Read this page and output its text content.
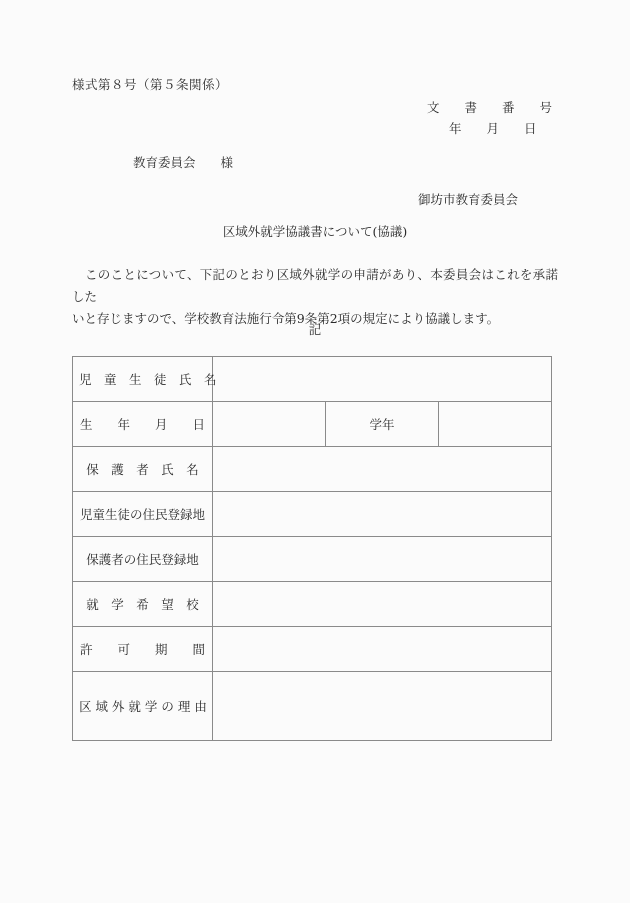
様式第８号（第５条関係）
文　　書　　番　　号
年　　月　　日
教育委員会　　様
御坊市教育委員会
区域外就学協議書について(協議)
このことについて、下記のとおり区域外就学の申請があり、本委員会はこれを承諾した
いと存じますので、学校教育法施行令第9条第2項の規定により協議します。
記
児　童　生　徒　氏　名			
生　　年　　月　　日		学年	
保　護　者　氏　名			
児童生徒の住民登録地			
保護者の住民登録地			
就　学　希　望　校			
許　　可　　期　　間			
区 域 外 就 学 の 理 由			
